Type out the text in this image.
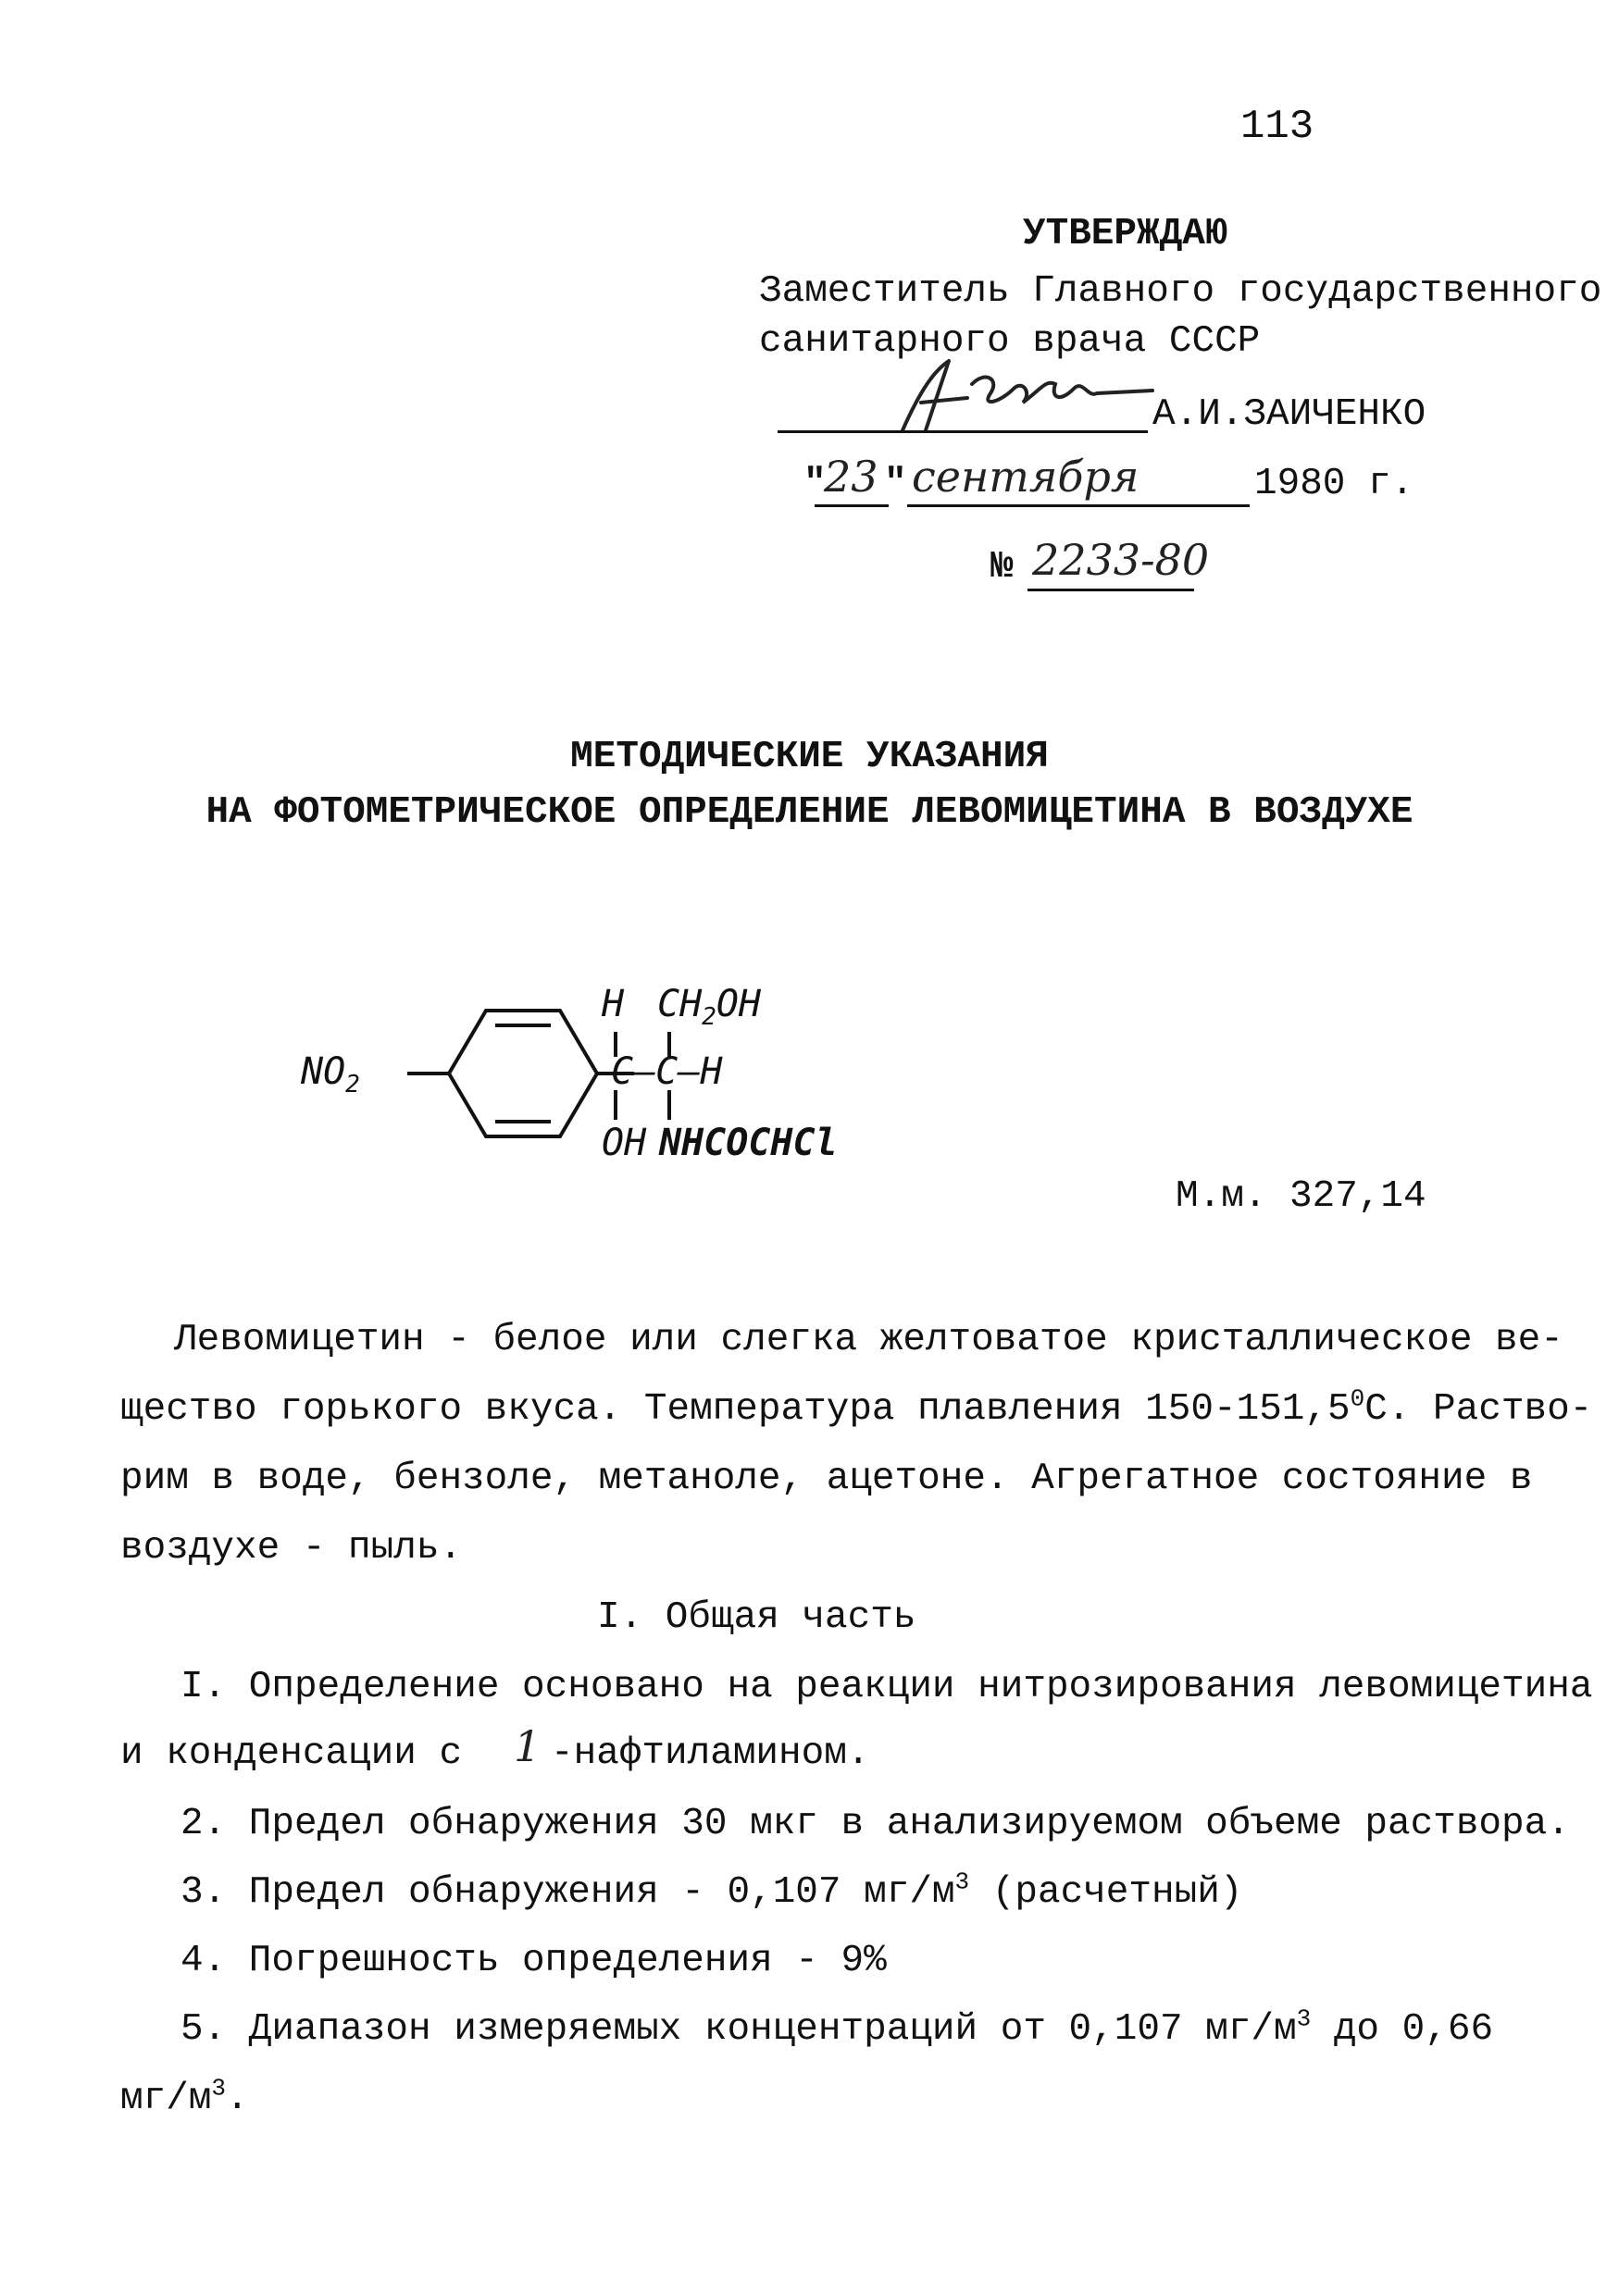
113
УТВЕРЖДАЮ
Заместитель Главного государственного
санитарного врача СССР
А.И.ЗАИЧЕНКО
"
23 " сентября	1980 г.
№ 2233-80
МЕТОДИЧЕСКИЕ УКАЗАНИЯ
НА ФОТОМЕТРИЧЕСКОЕ ОПРЕДЕЛЕНИЕ ЛЕВОМИЦЕТИНА В ВОЗДУХЕ
$NO_2$
H $CH_2OH$
C–C–H
OH NHCOCHCl
М.м. 327,14
Левомицетин - белое или слегка желтоватое кристаллическое ве-
щество горького вкуса. Температура плавления 150-151,5$^0$С. Раство-
рим в воде, бензоле, метаноле, ацетоне. Агрегатное состояние в
воздухе - пыль.
I. Общая часть
I. Определение основано на реакции нитрозирования левомицетина
и конденсации с 1 -нафтиламином.
2. Предел обнаружения 30 мкг в анализируемом объеме раствора.
3. Предел обнаружения - 0,107 $мг/м^3$ (расчетный)
4. Погрешность определения - 9%
5. Диапазон измеряемых концентраций от 0,107 $мг/м^3$ до 0,66
$мг/м^3$.
